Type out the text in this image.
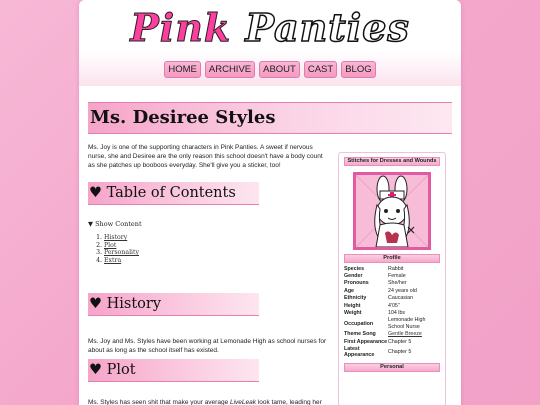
Pink Panties
HOME ARCHIVE ABOUT CAST BLOG
Ms. Desiree Styles

Ms. Joy is one of the supporting characters in Pink Panties. A sweet if nervous nurse, she and Desiree are the only reason this school doesn't have a body count as she patches up booboos everyday. She'll give you a sticker, too!

♥ Table of Contents
▼ Show Content
1. History
2. Plot
3. Personality
4. Extra
♥ History

Ms. Joy and Ms. Styles have been working at Lemonade High as school nurses for about as long as the school itself has existed.

♥ Plot

Ms. Styles has seen shit that make your average LiveLeak look tame, leading her

Stitches for Dresses and Wounds
Profile
Species	Rabbit
Gender	Female
Pronouns	She/her
Age	24 years old
Ethnicity	Caucasian
Height	4'05"
Weight	104 lbs
Occupation	Lemonade High School Nurse
Theme Song	Gentle Breeze
First Appearance	Chapter 5
Latest Appearance	Chapter 5
Personal
